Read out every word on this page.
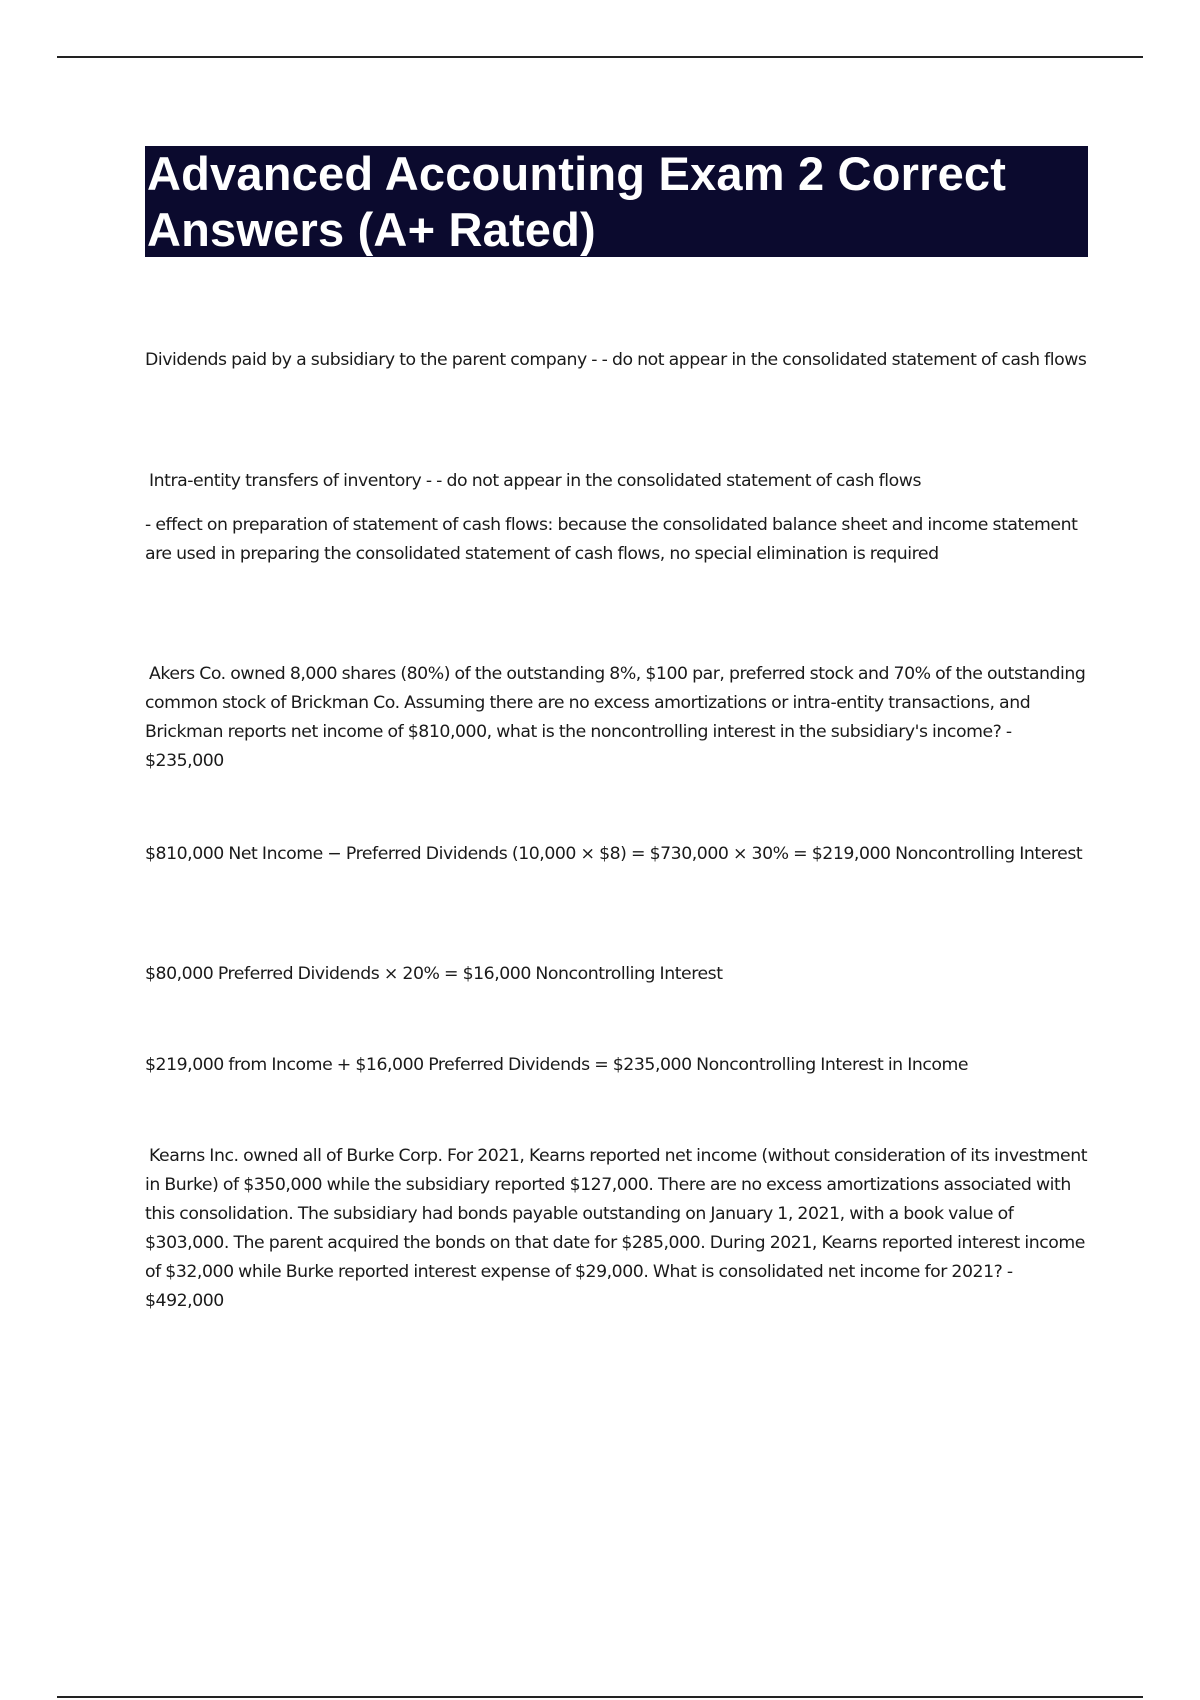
Advanced Accounting Exam 2 Correct Answers (A+ Rated)

Dividends paid by a subsidiary to the parent company - - do not appear in the consolidated statement of cash flows

Intra-entity transfers of inventory - - do not appear in the consolidated statement of cash flows

- effect on preparation of statement of cash flows: because the consolidated balance sheet and income statement are used in preparing the consolidated statement of cash flows, no special elimination is required

Akers Co. owned 8,000 shares (80%) of the outstanding 8%, $100 par, preferred stock and 70% of the outstanding common stock of Brickman Co. Assuming there are no excess amortizations or intra-entity transactions, and Brickman reports net income of $810,000, what is the noncontrolling interest in the subsidiary's income? - $235,000

$810,000 Net Income − Preferred Dividends (10,000 × $8) = $730,000 × 30% = $219,000 Noncontrolling Interest

$80,000 Preferred Dividends × 20% = $16,000 Noncontrolling Interest

$219,000 from Income + $16,000 Preferred Dividends = $235,000 Noncontrolling Interest in Income

Kearns Inc. owned all of Burke Corp. For 2021, Kearns reported net income (without consideration of its investment in Burke) of $350,000 while the subsidiary reported $127,000. There are no excess amortizations associated with this consolidation. The subsidiary had bonds payable outstanding on January 1, 2021, with a book value of $303,000. The parent acquired the bonds on that date for $285,000. During 2021, Kearns reported interest income of $32,000 while Burke reported interest expense of $29,000. What is consolidated net income for 2021? - $492,000
